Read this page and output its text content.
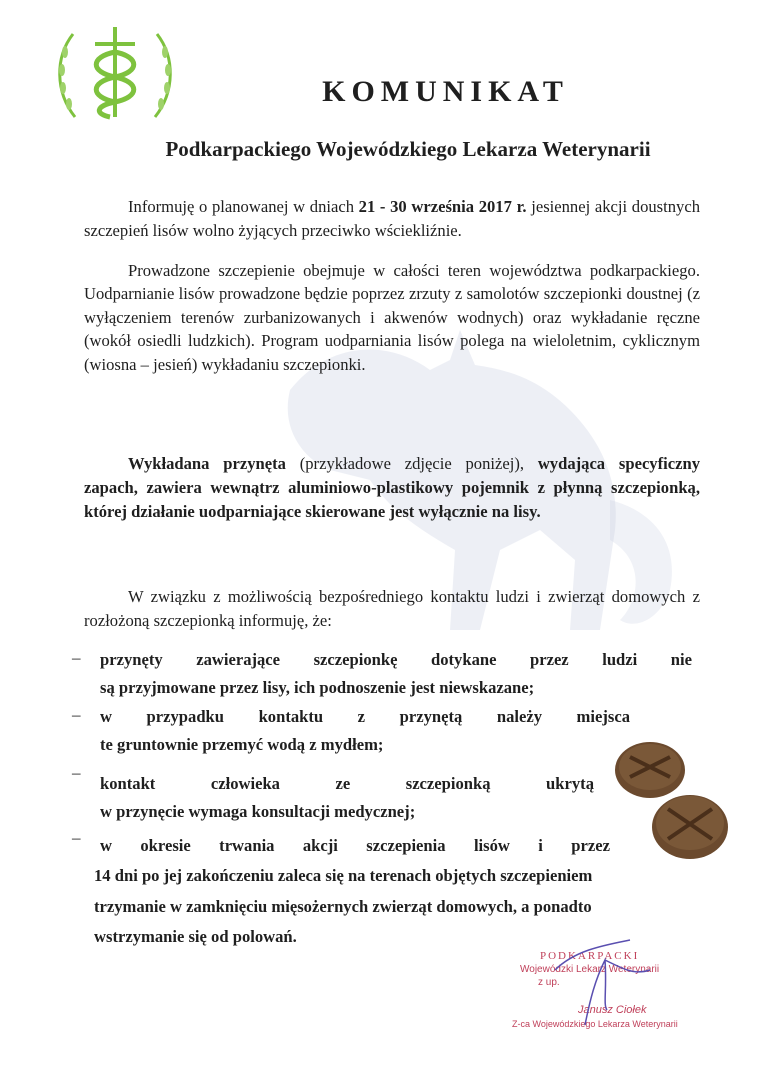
KOMUNIKAT
Podkarpackiego Wojewódzkiego Lekarza Weterynarii
Informuję o planowanej w dniach 21 - 30 września 2017 r. jesiennej akcji doustnych szczepień lisów wolno żyjących przeciwko wściekliźnie.
Prowadzone szczepienie obejmuje w całości teren województwa podkarpackiego. Uodparnianie lisów prowadzone będzie poprzez zrzuty z samolotów szczepionki doustnej (z wyłączeniem terenów zurbanizowanych i akwenów wodnych) oraz wykładanie ręczne (wokół osiedli ludzkich). Program uodparniania lisów polega na wieloletnim, cyklicznym (wiosna – jesień) wykładaniu szczepionki.
Wykładana przynęta (przykładowe zdjęcie poniżej), wydająca specyficzny zapach, zawiera wewnątrz aluminiowo-plastikowy pojemnik z płynną szczepionką, której działanie uodparniające skierowane jest wyłącznie na lisy.
W związku z możliwością bezpośredniego kontaktu ludzi i zwierząt domowych z rozłożoną szczepionką informuję, że:
– przynęty zawierające szczepionkę dotykane przez ludzi nie
są przyjmowane przez lisy, ich podnoszenie jest niewskazane;
– w przypadku kontaktu z przynętą należy miejsca
te gruntownie przemyć wodą z mydłem;
–
kontakt człowieka ze szczepionką ukrytą
w przynęcie wymaga konsultacji medycznej;
– w okresie trwania akcji szczepienia lisów i przez
14 dni po jej zakończeniu zaleca się na terenach objętych szczepieniem
trzymanie w zamknięciu mięsożernych zwierząt domowych, a ponadto
wstrzymanie się od polowań.
PODKARPACKI
Wojewódzki Lekarz Weterynarii
z up.
Janusz Ciołek
Z-ca Wojewódzkiego Lekarza Weterynarii
